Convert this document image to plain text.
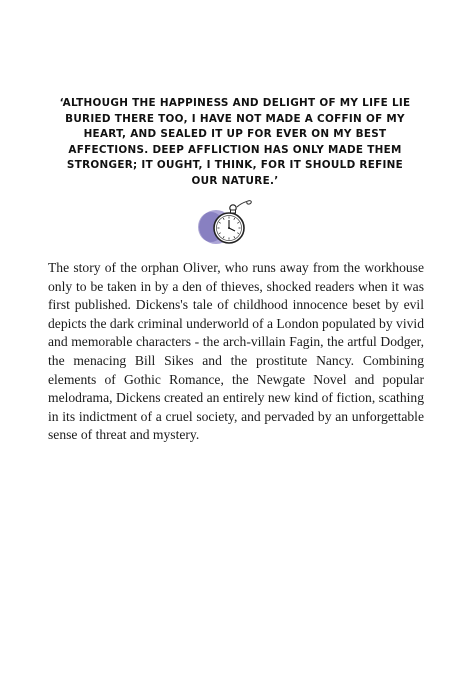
‘ALTHOUGH THE HAPPINESS AND DELIGHT OF MY LIFE LIE BURIED THERE TOO, I HAVE NOT MADE A COFFIN OF MY HEART, AND SEALED IT UP FOR EVER ON MY BEST AFFECTIONS. DEEP AFFLICTION HAS ONLY MADE THEM STRONGER; IT OUGHT, I THINK, FOR IT SHOULD REFINE OUR NATURE.’

The story of the orphan Oliver, who runs away from the workhouse only to be taken in by a den of thieves, shocked readers when it was first published. Dickens's tale of childhood innocence beset by evil depicts the dark criminal underworld of a London populated by vivid and memorable characters - the arch-villain Fagin, the artful Dodger, the menacing Bill Sikes and the prostitute Nancy. Combining elements of Gothic Romance, the Newgate Novel and popular melodrama, Dickens created an entirely new kind of fiction, scathing in its indictment of a cruel society, and pervaded by an unforgettable sense of threat and mystery.
